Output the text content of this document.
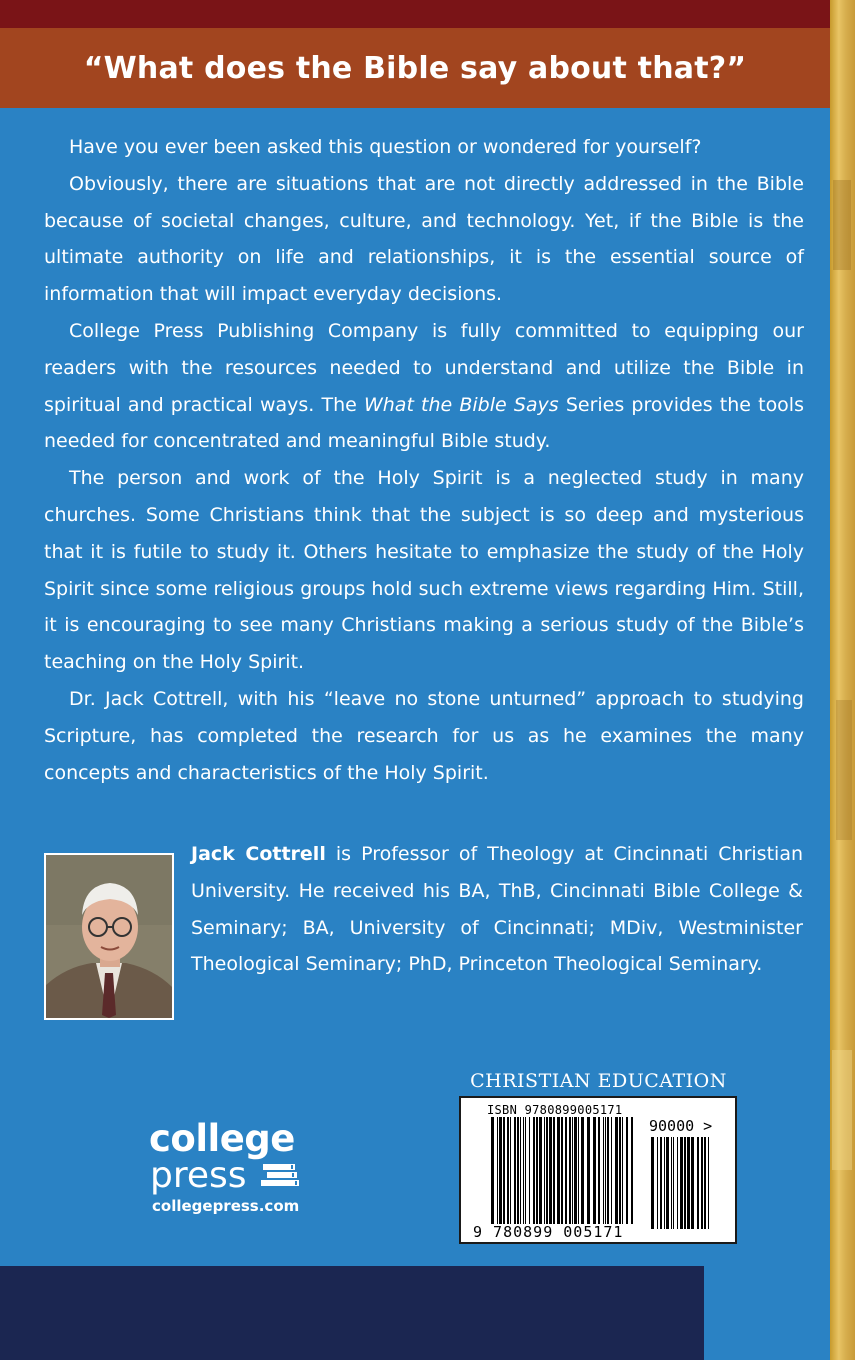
“What does the Bible say about that?”

Have you ever been asked this question or wondered for yourself?

Obviously, there are situations that are not directly addressed in the Bible because of societal changes, culture, and technology. Yet, if the Bible is the ultimate authority on life and relationships, it is the essential source of information that will impact everyday decisions.

College Press Publishing Company is fully committed to equipping our readers with the resources needed to understand and utilize the Bible in spiritual and practical ways. The What the Bible Says Series provides the tools needed for concentrated and meaningful Bible study.

The person and work of the Holy Spirit is a neglected study in many churches. Some Christians think that the subject is so deep and mysterious that it is futile to study it. Others hesitate to emphasize the study of the Holy Spirit since some religious groups hold such extreme views regarding Him. Still, it is encouraging to see many Christians making a serious study of the Bible’s teaching on the Holy Spirit.

Dr. Jack Cottrell, with his “leave no stone unturned” approach to studying Scripture, has completed the research for us as he examines the many concepts and characteristics of the Holy Spirit.

Jack Cottrell is Professor of Theology at Cincinnati Christian University. He received his BA, ThB, Cincinnati Bible College & Seminary; BA, University of Cincinnati; MDiv, Westminister Theological Seminary; PhD, Princeton Theological Seminary.
college
press
collegepress.com
CHRISTIAN EDUCATION
ISBN 9780899005171
90000 >
9 780899 005171
